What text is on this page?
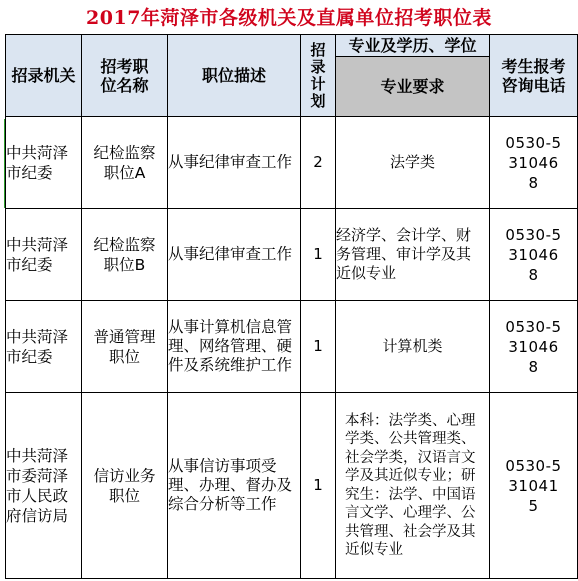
2017年菏泽市各级机关及直属单位招考职位表
招录机关	招考职位名称	职位描述	招录计划	专业及学历、学位	考生报考咨询电话

				专业要求	

中共菏泽市纪委	纪检监察职位A	从事纪律审查工作	2	法学类	0530-5310468

中共菏泽市纪委	纪检监察职位B	从事纪律审查工作	1	经济学、会计学、财务管理、审计学及其近似专业	0530-5310468

中共菏泽市纪委	普通管理职位	从事计算机信息管理、网络管理、硬件及系统维护工作	1	计算机类	0530-5310468

中共菏泽市委菏泽市人民政府信访局	信访业务职位	从事信访事项受理、办理、督办及综合分析等工作	1	本科：法学类、心理学类、公共管理类、社会学类，汉语言文学及其近似专业；研究生：法学、中国语言文学、心理学、公共管理、社会学及其近似专业	0530-5310415
